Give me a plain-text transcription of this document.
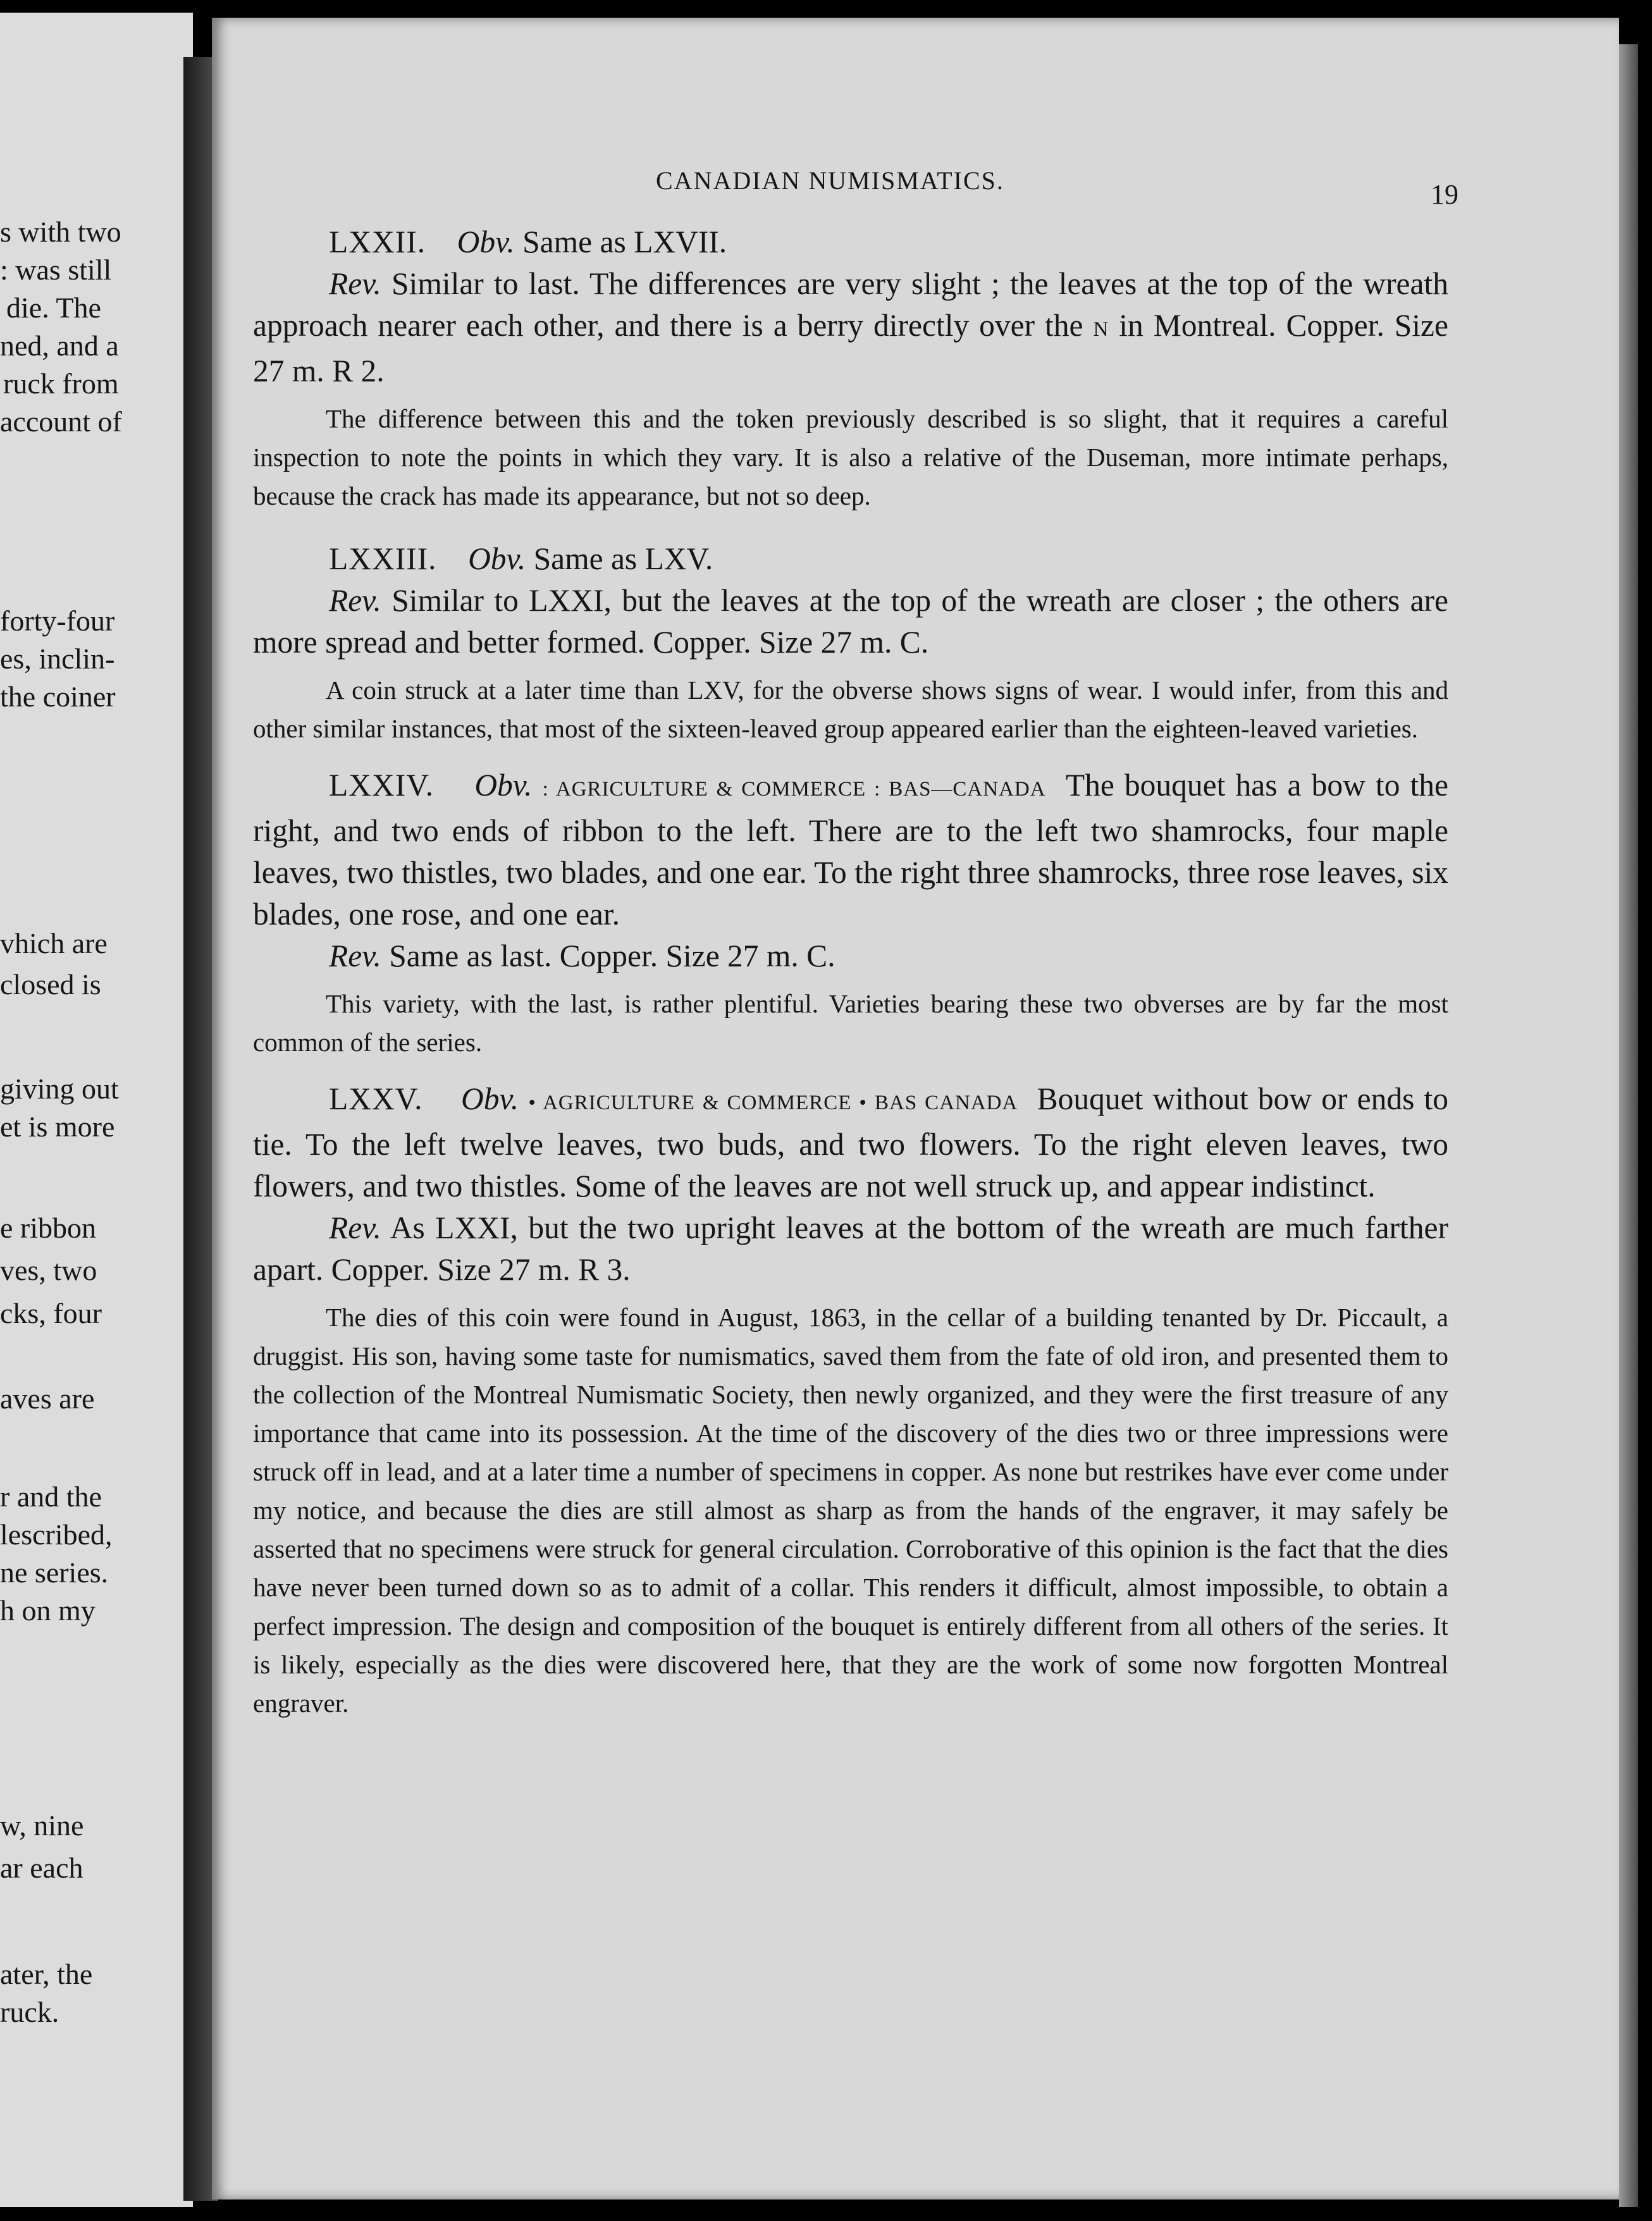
s with two
: was still
die. The
ned, and a
ruck from
account of
forty-four
es, inclin-
the coiner
vhich are
closed is
giving out
et is more
e ribbon
ves, two
cks, four
aves are
r and the
lescribed,
ne series.
h on my
w, nine
ar each
ater, the
ruck.
CANADIAN NUMISMATICS.	19

LXXII. Obv. Same as LXVII.

Rev. Similar to last. The differences are very slight ; the leaves at the top of the wreath approach nearer each other, and there is a berry directly over the N in Montreal. Copper. Size 27 m. R 2.

The difference between this and the token previously described is so slight, that it requires a careful inspection to note the points in which they vary. It is also a relative of the Duseman, more intimate perhaps, because the crack has made its appearance, but not so deep.

LXXIII. Obv. Same as LXV.

Rev. Similar to LXXI, but the leaves at the top of the wreath are closer ; the others are more spread and better formed. Copper. Size 27 m. C.

A coin struck at a later time than LXV, for the obverse shows signs of wear. I would infer, from this and other similar instances, that most of the sixteen-leaved group appeared earlier than the eighteen-leaved varieties.

LXXIV. Obv. : AGRICULTURE & COMMERCE : BAS—CANADA The bouquet has a bow to the right, and two ends of ribbon to the left. There are to the left two shamrocks, four maple leaves, two thistles, two blades, and one ear. To the right three shamrocks, three rose leaves, six blades, one rose, and one ear.

Rev. Same as last. Copper. Size 27 m. C.

This variety, with the last, is rather plentiful. Varieties bearing these two obverses are by far the most common of the series.

LXXV. Obv. • AGRICULTURE & COMMERCE • BAS CANADA Bouquet without bow or ends to tie. To the left twelve leaves, two buds, and two flowers. To the right eleven leaves, two flowers, and two thistles. Some of the leaves are not well struck up, and appear indistinct.

Rev. As LXXI, but the two upright leaves at the bottom of the wreath are much farther apart. Copper. Size 27 m. R 3.

The dies of this coin were found in August, 1863, in the cellar of a building tenanted by Dr. Piccault, a druggist. His son, having some taste for numismatics, saved them from the fate of old iron, and presented them to the collection of the Montreal Numismatic Society, then newly organized, and they were the first treasure of any importance that came into its possession. At the time of the discovery of the dies two or three impressions were struck off in lead, and at a later time a number of specimens in copper. As none but restrikes have ever come under my notice, and because the dies are still almost as sharp as from the hands of the engraver, it may safely be asserted that no specimens were struck for general circulation. Corroborative of this opinion is the fact that the dies have never been turned down so as to admit of a collar. This renders it difficult, almost impossible, to obtain a perfect impression. The design and composition of the bouquet is entirely different from all others of the series. It is likely, especially as the dies were discovered here, that they are the work of some now forgotten Montreal engraver.
